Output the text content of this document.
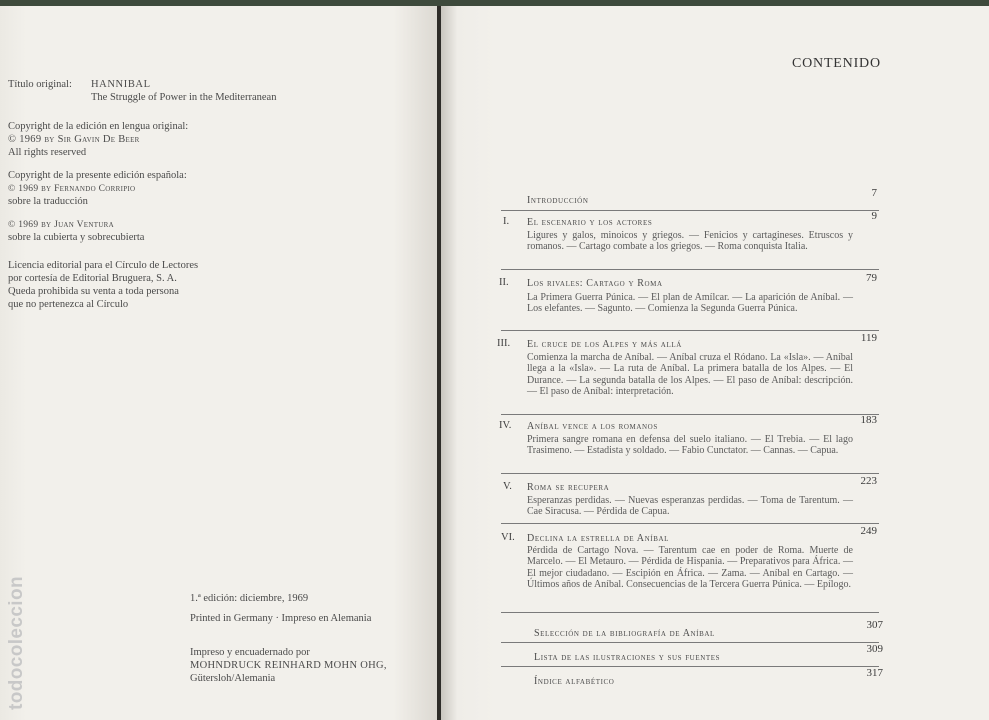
Título original: HANNIBAL
The Struggle of Power in the Mediterranean
Copyright de la edición en lengua original:
© 1969 by Sir Gavin De Beer
All rights reserved
Copyright de la presente edición española:
© 1969 by Fernando Corripio
sobre la traducción
© 1969 by Juan Ventura
sobre la cubierta y sobrecubierta
Licencia editorial para el Círculo de Lectores
por cortesía de Editorial Bruguera, S. A.
Queda prohibida su venta a toda persona
que no pertenezca al Círculo
1.ª edición: diciembre, 1969
Printed in Germany · Impreso en Alemania
Impreso y encuadernado por
MOHNDRUCK REINHARD MOHN OHG,
Gütersloh/Alemania
todocoleccion
CONTENIDO
Introducción
7
I. El escenario y los actores
9
Ligures y galos, minoicos y griegos. — Fenicios y cartagineses. Etruscos y romanos. — Cartago combate a los griegos. — Roma conquista Italia.
II. Los rivales: Cartago y Roma	79
La Primera Guerra Púnica. — El plan de Amílcar. — La aparición de Aníbal. — Los elefantes. — Sagunto. — Comienza la Segunda Guerra Púnica.
III. El cruce de los Alpes y más allá
119
Comienza la marcha de Aníbal. — Aníbal cruza el Ródano. La «Isla». — Aníbal llega a la «Isla». — La ruta de Aníbal. La primera batalla de los Alpes. — El Durance. — La segunda batalla de los Alpes. — El paso de Aníbal: descripción. — El paso de Aníbal: interpretación.
IV. Aníbal vence a los romanos
183
Primera sangre romana en defensa del suelo italiano. — El Trebia. — El lago Trasimeno. — Estadista y soldado. — Fabio Cunctator. — Cannas. — Capua.
V. Roma se recupera
223
Esperanzas perdidas. — Nuevas esperanzas perdidas. — Toma de Tarentum. — Cae Siracusa. — Pérdida de Capua.
VI. Declina la estrella de Aníbal
249
Pérdida de Cartago Nova. — Tarentum cae en poder de Roma. Muerte de Marcelo. — El Metauro. — Pérdida de Hispania. — Preparativos para África. — El mejor ciudadano. — Escipión en África. — Zama. — Aníbal en Cartago. — Últimos años de Aníbal. Consecuencias de la Tercera Guerra Púnica. — Epílogo.
Selección de la bibliografía de Aníbal
307
Lista de las ilustraciones y sus fuentes
309
Índice alfabético
317
